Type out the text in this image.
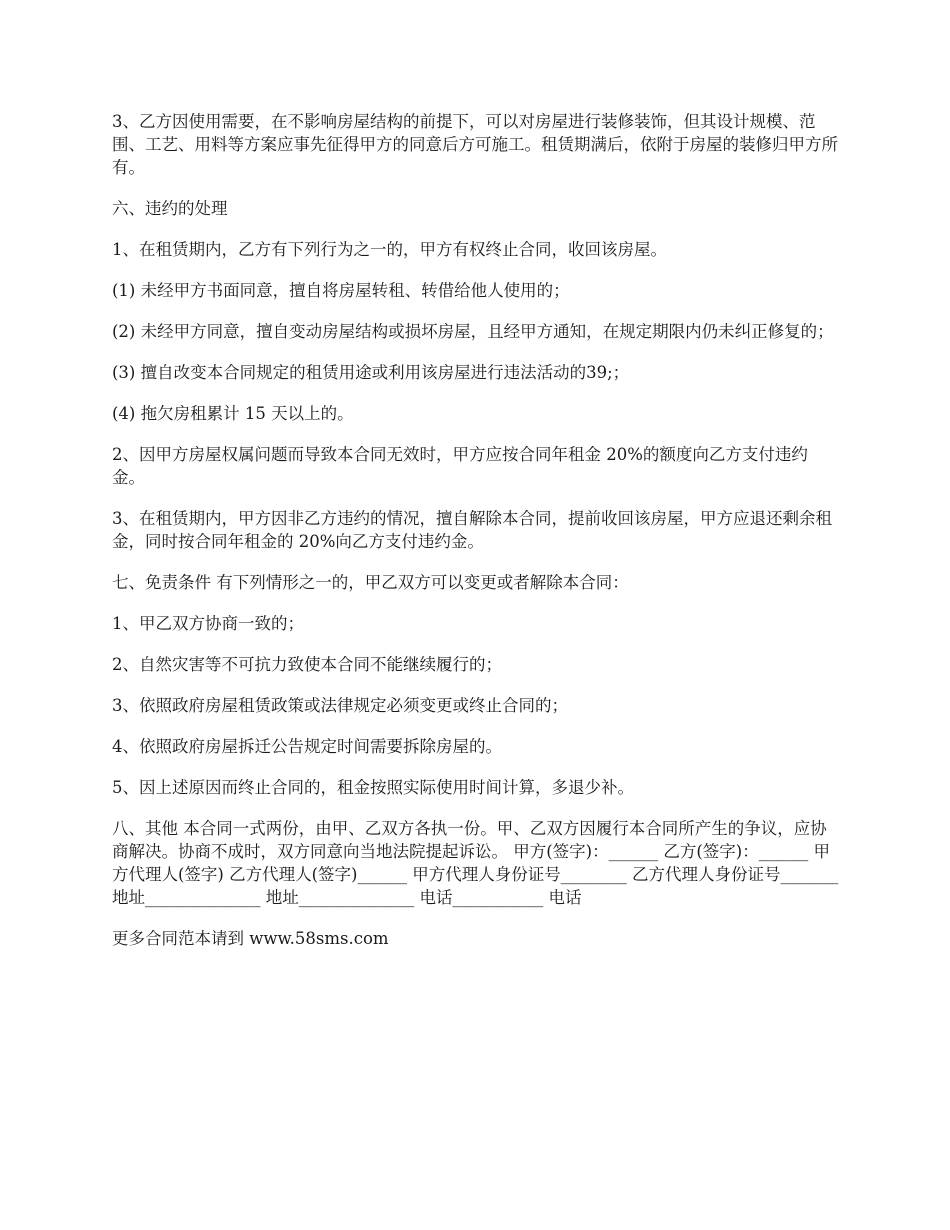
3、乙方因使用需要，在不影响房屋结构的前提下，可以对房屋进行装修装饰，但其设计规模、范围、工艺、用料等方案应事先征得甲方的同意后方可施工。租赁期满后，依附于房屋的装修归甲方所有。

六、违约的处理

1、在租赁期内，乙方有下列行为之一的，甲方有权终止合同，收回该房屋。

(1) 未经甲方书面同意，擅自将房屋转租、转借给他人使用的；

(2) 未经甲方同意，擅自变动房屋结构或损坏房屋，且经甲方通知，在规定期限内仍未纠正修复的；

(3) 擅自改变本合同规定的租赁用途或利用该房屋进行违法活动的39;；

(4) 拖欠房租累计 15 天以上的。

2、因甲方房屋权属问题而导致本合同无效时，甲方应按合同年租金 20%的额度向乙方支付违约金。

3、在租赁期内，甲方因非乙方违约的情况，擅自解除本合同，提前收回该房屋，甲方应退还剩余租金，同时按合同年租金的 20%向乙方支付违约金。

七、免责条件 有下列情形之一的，甲乙双方可以变更或者解除本合同：

1、甲乙双方协商一致的；

2、自然灾害等不可抗力致使本合同不能继续履行的；

3、依照政府房屋租赁政策或法律规定必须变更或终止合同的；

4、依照政府房屋拆迁公告规定时间需要拆除房屋的。

5、因上述原因而终止合同的，租金按照实际使用时间计算，多退少补。

八、其他 本合同一式两份，由甲、乙双方各执一份。甲、乙双方因履行本合同所产生的争议，应协商解决。协商不成时，双方同意向当地法院提起诉讼。 甲方(签字)：______ 乙方(签字)：______ 甲方代理人(签字) 乙方代理人(签字)______ 甲方代理人身份证号________ 乙方代理人身份证号_______ 地址______________ 地址______________ 电话___________ 电话

更多合同范本请到 www.58sms.com
